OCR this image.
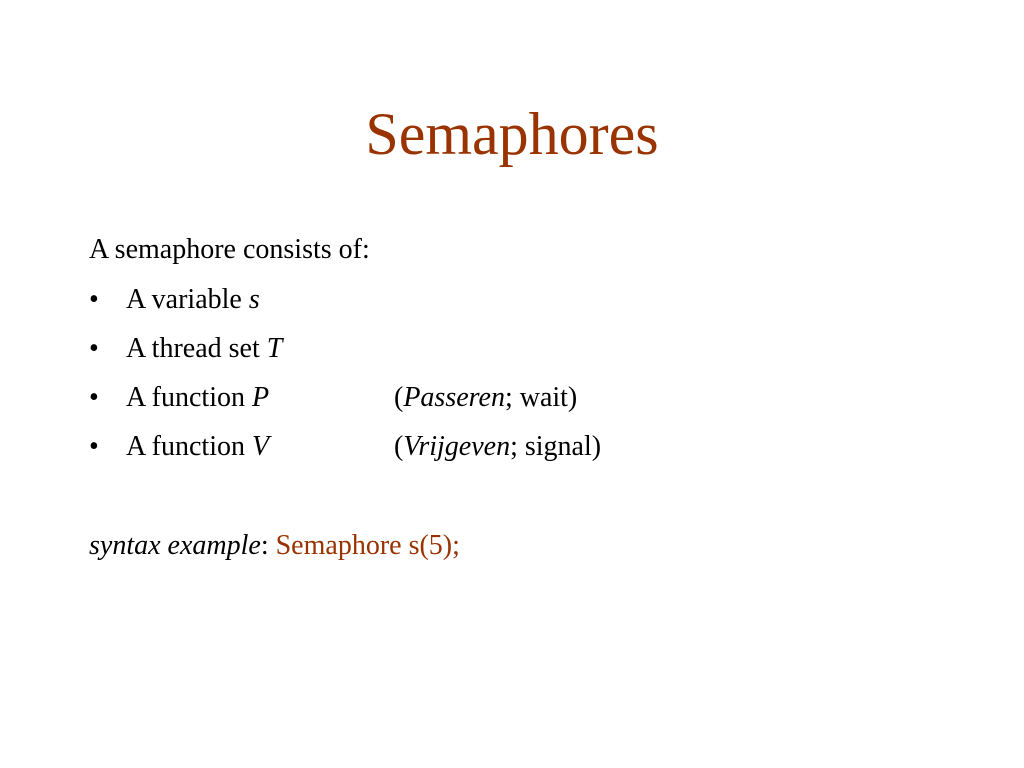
Semaphores
A semaphore consists of:
• A variable s
• A thread set T
• A function P	(Passeren; wait)
• A function V	(Vrijgeven; signal)
syntax example: Semaphore s(5);
